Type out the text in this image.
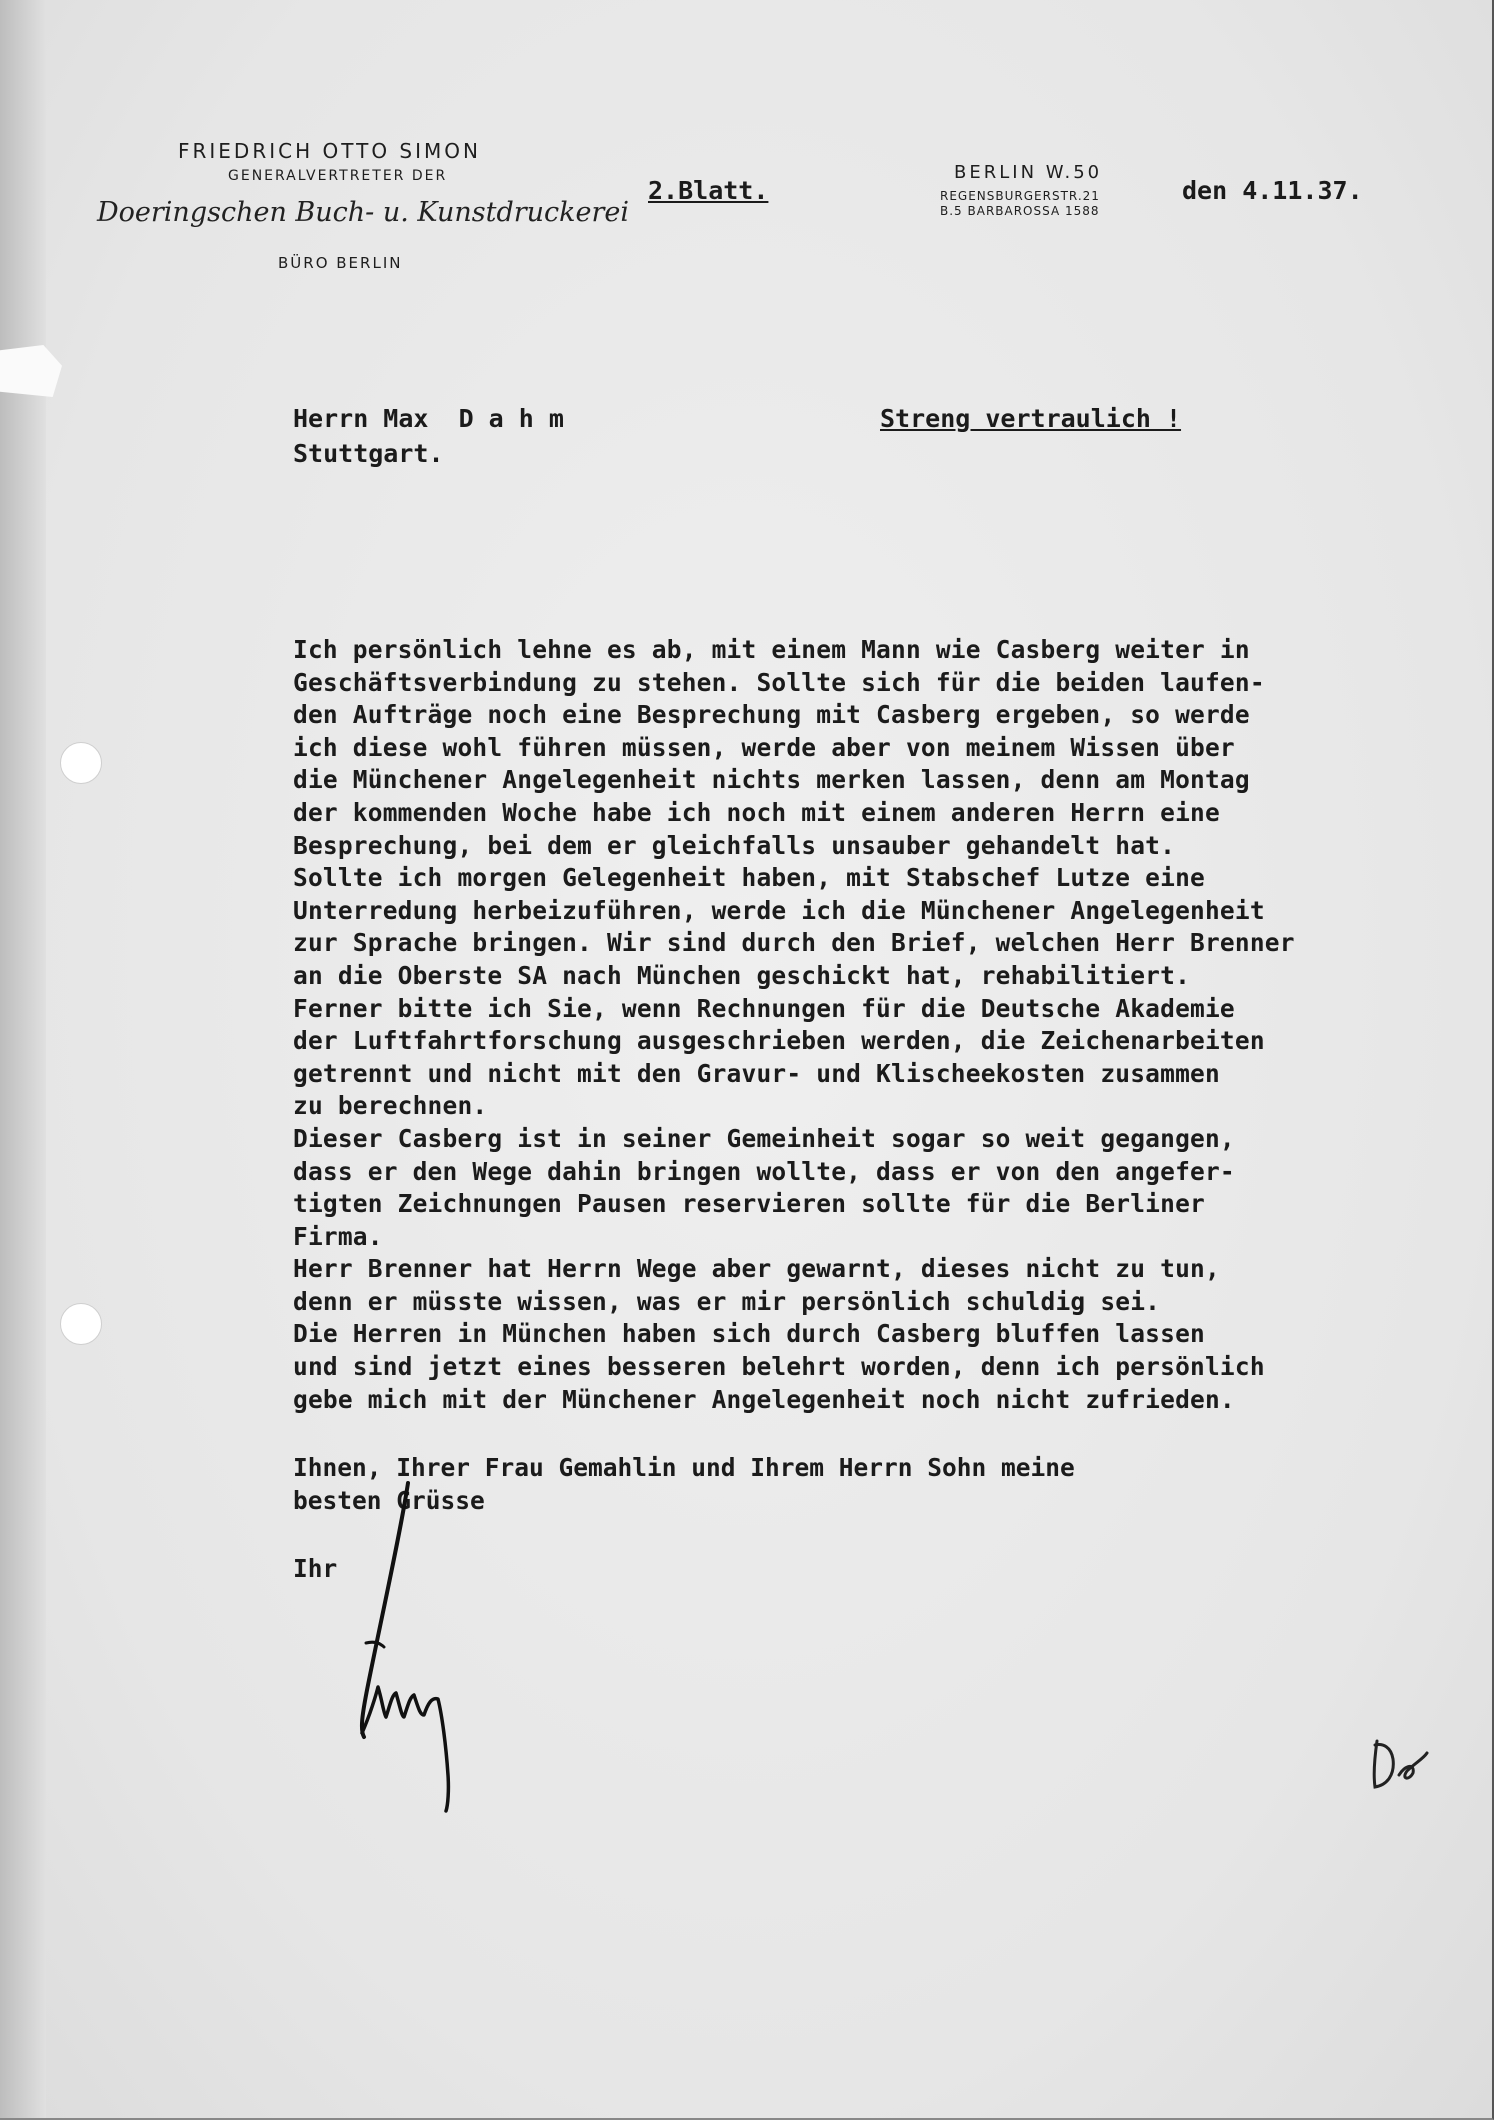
FRIEDRICH OTTO SIMON
GENERALVERTRETER DER
Doeringschen Buch- u. Kunstdruckerei
BÜRO BERLIN
BERLIN W.50
REGENSBURGERSTR.21
B.5 BARBAROSSA 1588
2.Blatt.	den 4.11.37.
Herrn Max  D a h m
Stuttgart.
Streng vertraulich !
Ich persönlich lehne es ab, mit einem Mann wie Casberg weiter in
Geschäftsverbindung zu stehen. Sollte sich für die beiden laufen-
den Aufträge noch eine Besprechung mit Casberg ergeben, so werde
ich diese wohl führen müssen, werde aber von meinem Wissen über
die Münchener Angelegenheit nichts merken lassen, denn am Montag
der kommenden Woche habe ich noch mit einem anderen Herrn eine
Besprechung, bei dem er gleichfalls unsauber gehandelt hat.
Sollte ich morgen Gelegenheit haben, mit Stabschef Lutze eine
Unterredung herbeizuführen, werde ich die Münchener Angelegenheit
zur Sprache bringen. Wir sind durch den Brief, welchen Herr Brenner
an die Oberste SA nach München geschickt hat, rehabilitiert.
Ferner bitte ich Sie, wenn Rechnungen für die Deutsche Akademie
der Luftfahrtforschung ausgeschrieben werden, die Zeichenarbeiten
getrennt und nicht mit den Gravur- und Klischeekosten zusammen
zu berechnen.
Dieser Casberg ist in seiner Gemeinheit sogar so weit gegangen,
dass er den Wege dahin bringen wollte, dass er von den angefer-
tigten Zeichnungen Pausen reservieren sollte für die Berliner
Firma.
Herr Brenner hat Herrn Wege aber gewarnt, dieses nicht zu tun,
denn er müsste wissen, was er mir persönlich schuldig sei.
Die Herren in München haben sich durch Casberg bluffen lassen
und sind jetzt eines besseren belehrt worden, denn ich persönlich
gebe mich mit der Münchener Angelegenheit noch nicht zufrieden.
Ihnen, Ihrer Frau Gemahlin und Ihrem Herrn Sohn meine
besten Grüsse
Ihr
